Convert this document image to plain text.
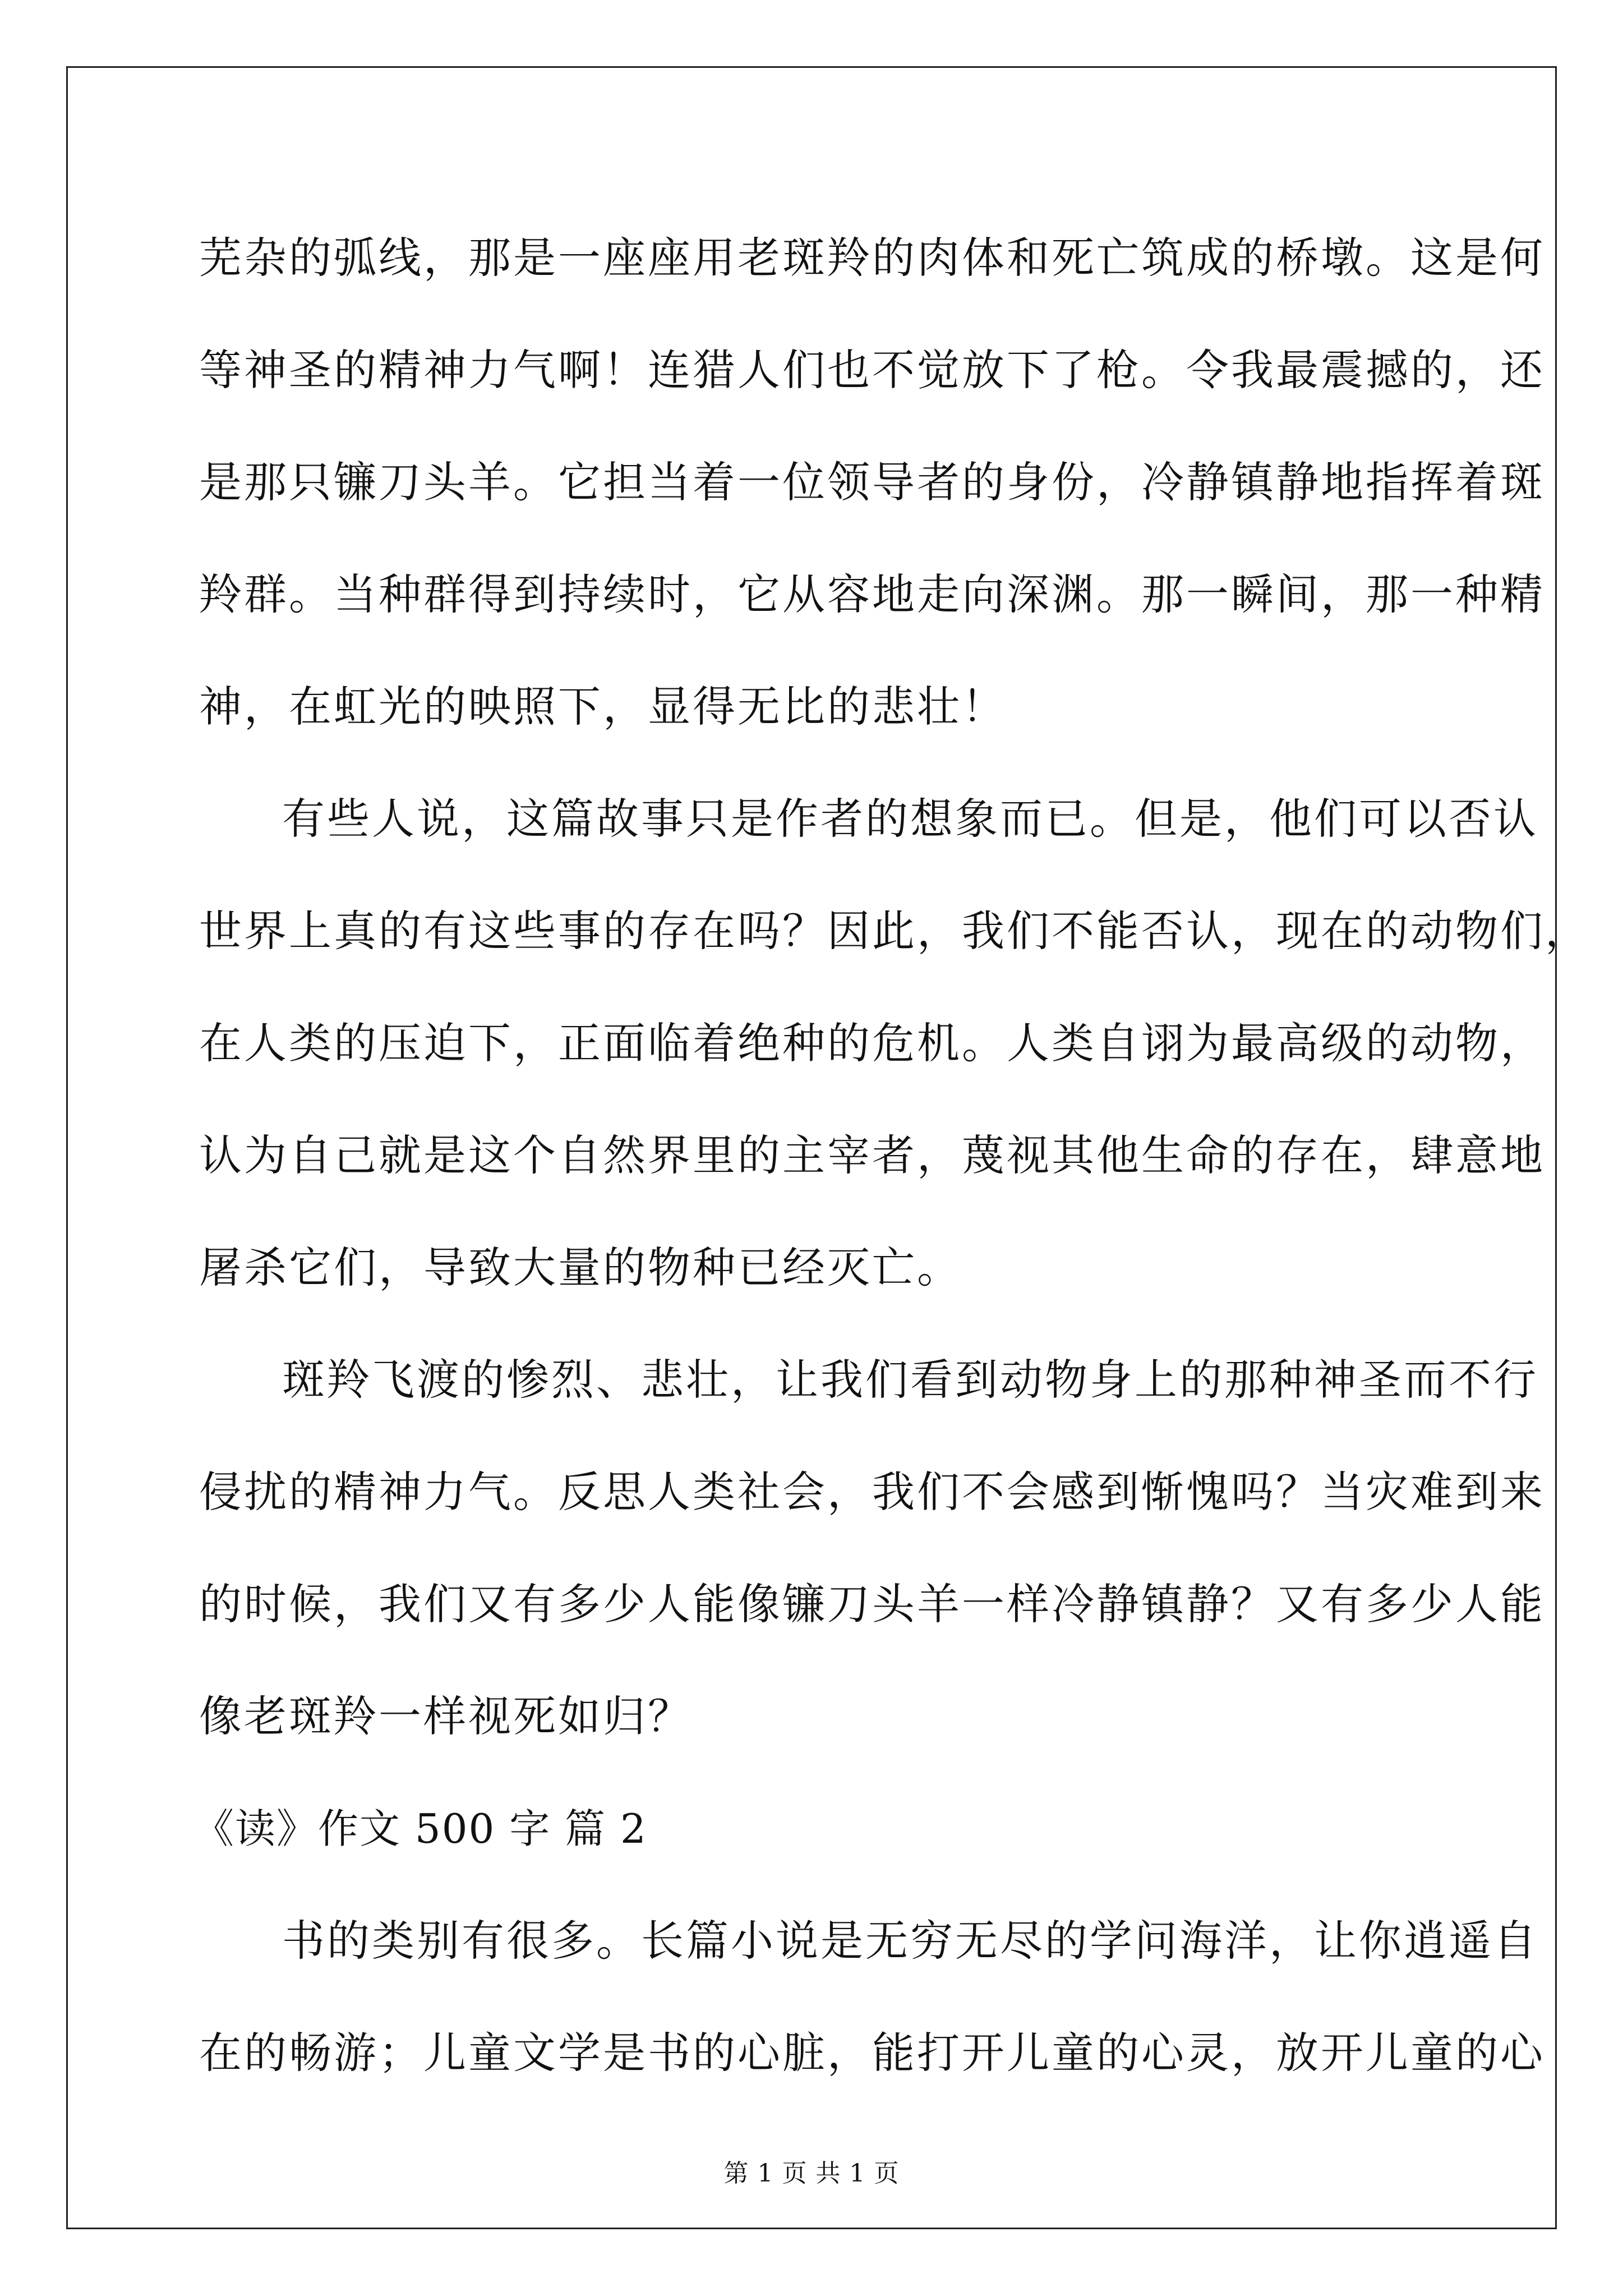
芜杂的弧线，那是一座座用老斑羚的肉体和死亡筑成的桥墩。这是何
等神圣的精神力气啊！连猎人们也不觉放下了枪。令我最震撼的，还
是那只镰刀头羊。它担当着一位领导者的身份，冷静镇静地指挥着斑
羚群。当种群得到持续时，它从容地走向深渊。那一瞬间，那一种精
神，在虹光的映照下，显得无比的悲壮！
有些人说，这篇故事只是作者的想象而已。但是，他们可以否认
世界上真的有这些事的存在吗？因此，我们不能否认，现在的动物们，
在人类的压迫下，正面临着绝种的危机。人类自诩为最高级的动物，
认为自己就是这个自然界里的主宰者，蔑视其他生命的存在，肆意地
屠杀它们，导致大量的物种已经灭亡。
斑羚飞渡的惨烈、悲壮，让我们看到动物身上的那种神圣而不行
侵扰的精神力气。反思人类社会，我们不会感到惭愧吗？当灾难到来
的时候，我们又有多少人能像镰刀头羊一样冷静镇静？又有多少人能
像老斑羚一样视死如归？
《读》作文 500 字 篇 2
书的类别有很多。长篇小说是无穷无尽的学问海洋，让你逍遥自
在的畅游；儿童文学是书的心脏，能打开儿童的心灵，放开儿童的心
第 1 页 共 1 页
